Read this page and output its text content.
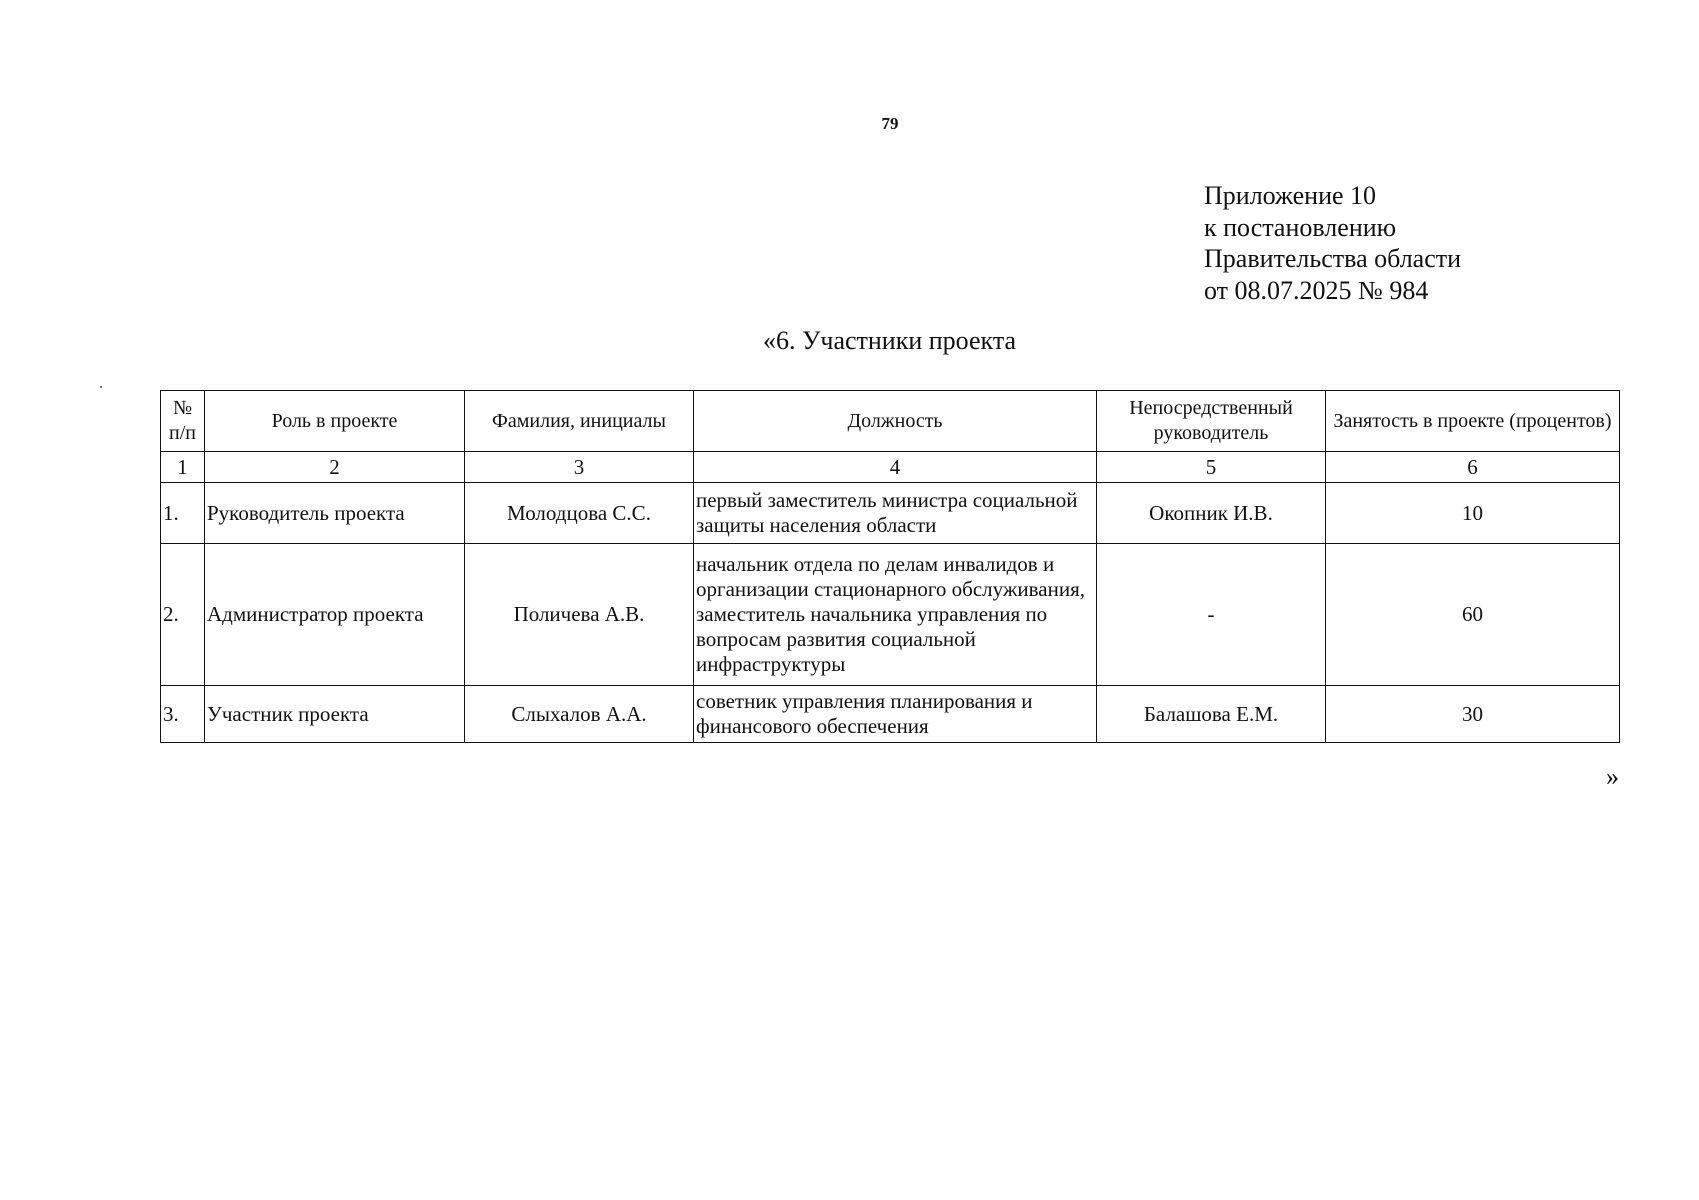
79
Приложение 10
к постановлению
Правительства области
от 08.07.2025 № 984
«6. Участники проекта
№ п/п	Роль в проекте	Фамилия, инициалы	Должность	Непосредственный руководитель	Занятость в проекте (процентов)
1	2	3	4	5	6
1.	Руководитель проекта	Молодцова С.С.	первый заместитель министра социальной защиты населения области	Окопник И.В.	10
2.	Администратор проекта	Поличева А.В.	начальник отдела по делам инвалидов и организации стационарного обслуживания, заместитель начальника управления по вопросам развития социальной инфраструктуры	-	60
3.	Участник проекта	Слыхалов А.А.	советник управления планирования и финансового обеспечения	Балашова Е.М.	30
»
